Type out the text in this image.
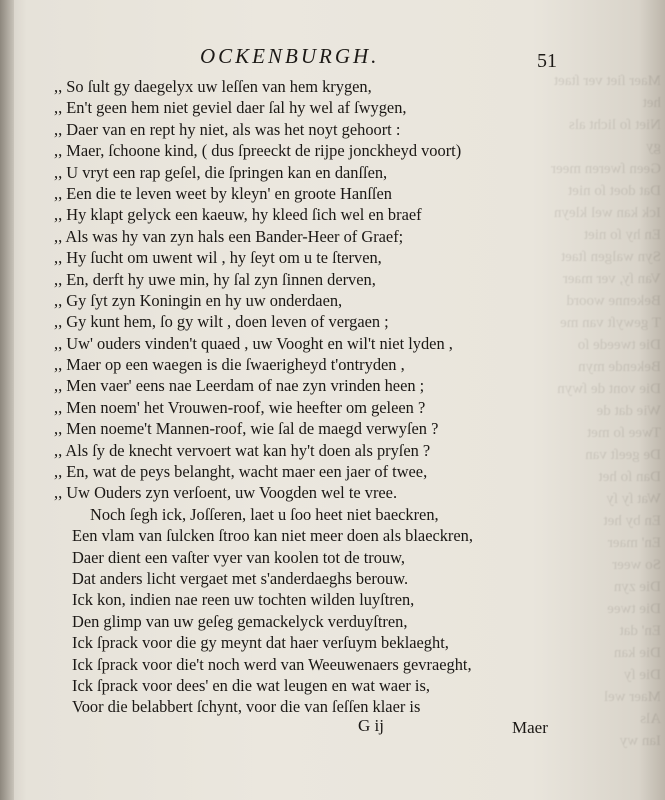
Maer ſiet ver ſtaet het
Niet ſo licht als gy
Geen ſweren meer
Dat doet ſo niet
Ick kan wel kleyn
En hy ſo niet
Syn walgen ſtaet
Van ſy, ver maer
Bekenne woord
T gewyſt van me
Die tweede ſo
Bekende myn
Die vont de ſwyn
Wie dat de
Twee ſo met
De geeſt van
Dan ſo het
Wat ſy ſy
En by het
En' maer
So weer
Die zyn
Die twee
En' dat
Die kan
Die ſy
Maer wel
Als
Ian wy
OCKENBURGH.	51
,, So ſult gy daegelyx uw leſſen van hem krygen,
,, En't geen hem niet geviel daer ſal hy wel af ſwygen,
,, Daer van en rept hy niet, als was het noyt gehoort :
,, Maer, ſchoone kind, ( dus ſpreeckt de rijpe jonckheyd voort)
,, U vryt een rap geſel, die ſpringen kan en danſſen,
,, Een die te leven weet by kleyn' en groote Hanſſen
,, Hy klapt gelyck een kaeuw, hy kleed ſich wel en braef
,, Als was hy van zyn hals een Bander-Heer of Graef;
,, Hy ſucht om uwent wil , hy ſeyt om u te ſterven,
,, En, derft hy uwe min, hy ſal zyn ſinnen derven,
,, Gy ſyt zyn Koningin en hy uw onderdaen,
,, Gy kunt hem, ſo gy wilt , doen leven of vergaen ;
,, Uw' ouders vinden't quaed , uw Vooght en wil't niet lyden ,
,, Maer op een waegen is die ſwaerigheyd t'ontryden ,
,, Men vaer' eens nae Leerdam of nae zyn vrinden heen ;
,, Men noem' het Vrouwen-roof, wie heefter om geleen ?
,, Men noeme't Mannen-roof, wie ſal de maegd verwyſen ?
,, Als ſy de knecht vervoert wat kan hy't doen als pryſen ?
,, En, wat de peys belanght, wacht maer een jaer of twee,
,, Uw Ouders zyn verſoent, uw Voogden wel te vree.
Noch ſegh ick, Joſſeren, laet u ſoo heet niet baeckren,
Een vlam van ſulcken ſtroo kan niet meer doen als blaeckren,
Daer dient een vaſter vyer van koolen tot de trouw,
Dat anders licht vergaet met s'anderdaeghs berouw.
Ick kon, indien nae reen uw tochten wilden luyſtren,
Den glimp van uw geſeg gemackelyck verduyſtren,
Ick ſprack voor die gy meynt dat haer verſuym beklaeght,
Ick ſprack voor die't noch werd van Weeuwenaers gevraeght,
Ick ſprack voor dees' en die wat leugen en wat waer is,
Voor die belabbert ſchynt, voor die van ſeſſen klaer is
G ij	Maer
